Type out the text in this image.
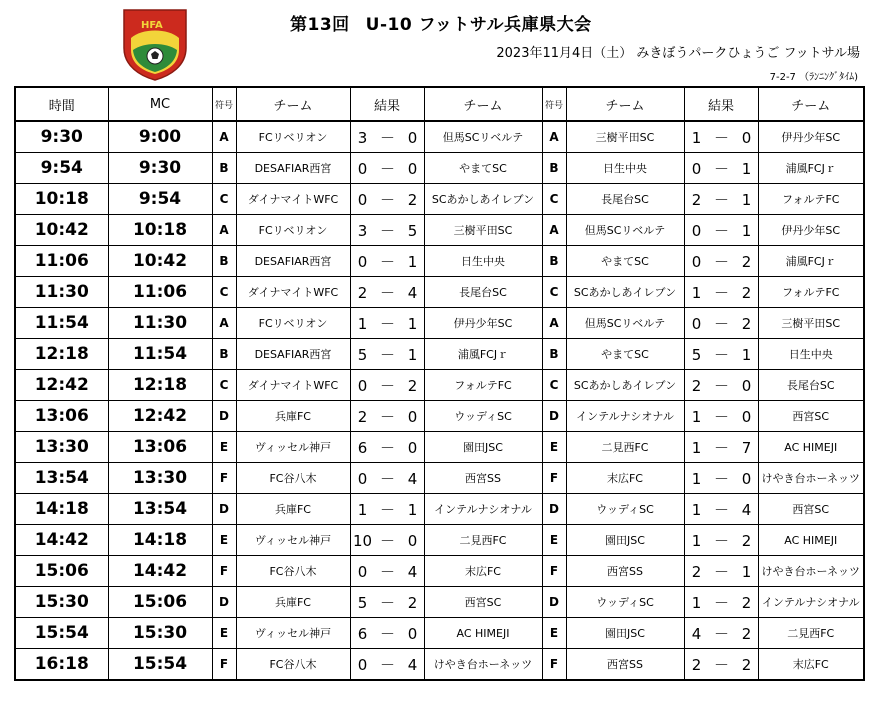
HFA	第13回 U-10 フットサル兵庫県大会
2023年11月4日（土） みきぼうパークひょうご フットサル場
7-2-7 （ﾗﾝﾆﾝｸﾞﾀｲﾑ)
時間	MC	符号	チーム	結果	チーム	符号	チーム	結果	チーム
9:30	9:00	A	FCリベリオン	3 － 0	但馬SCリベルテ	A	三樹平田SC	1 － 0	伊丹少年SC
9:54	9:30	B	DESAFIAR西宮	0 － 0	やまてSC	B	日生中央	0 － 1	浦風FCJｒ
10:18	9:54	C	ダイナマイトWFC	0 － 2	SCあかしあイレブン	C	長尾台SC	2 － 1	フォルテFC
10:42	10:18	A	FCリベリオン	3 － 5	三樹平田SC	A	但馬SCリベルテ	0 － 1	伊丹少年SC
11:06	10:42	B	DESAFIAR西宮	0 － 1	日生中央	B	やまてSC	0 － 2	浦風FCJｒ
11:30	11:06	C	ダイナマイトWFC	2 － 4	長尾台SC	C	SCあかしあイレブン	1 － 2	フォルテFC
11:54	11:30	A	FCリベリオン	1 － 1	伊丹少年SC	A	但馬SCリベルテ	0 － 2	三樹平田SC
12:18	11:54	B	DESAFIAR西宮	5 － 1	浦風FCJｒ	B	やまてSC	5 － 1	日生中央
12:42	12:18	C	ダイナマイトWFC	0 － 2	フォルテFC	C	SCあかしあイレブン	2 － 0	長尾台SC
13:06	12:42	D	兵庫FC	2 － 0	ウッディSC	D	インテルナシオナル	1 － 0	西宮SC
13:30	13:06	E	ヴィッセル神戸	6 － 0	園田JSC	E	二見西FC	1 － 7	AC HIMEJI
13:54	13:30	F	FC谷八木	0 － 4	西宮SS	F	末広FC	1 － 0	けやき台ホーネッツ
14:18	13:54	D	兵庫FC	1 － 1	インテルナシオナル	D	ウッディSC	1 － 4	西宮SC
14:42	14:18	E	ヴィッセル神戸	10 － 0	二見西FC	E	園田JSC	1 － 2	AC HIMEJI
15:06	14:42	F	FC谷八木	0 － 4	末広FC	F	西宮SS	2 － 1	けやき台ホーネッツ
15:30	15:06	D	兵庫FC	5 － 2	西宮SC	D	ウッディSC	1 － 2	インテルナシオナル
15:54	15:30	E	ヴィッセル神戸	6 － 0	AC HIMEJI	E	園田JSC	4 － 2	二見西FC
16:18	15:54	F	FC谷八木	0 － 4	けやき台ホーネッツ	F	西宮SS	2 － 2	末広FC
